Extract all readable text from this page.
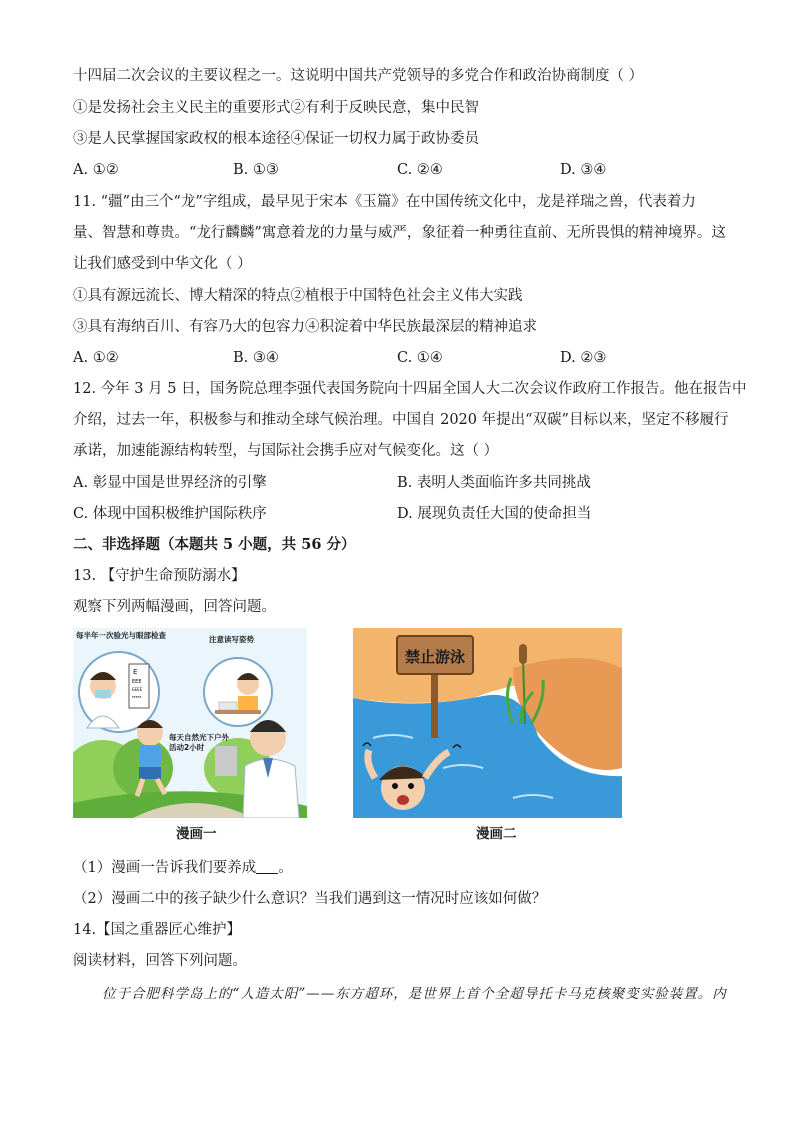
十四届二次会议的主要议程之一。这说明中国共产党领导的多党合作和政治协商制度（ ）
①是发扬社会主义民主的重要形式②有利于反映民意，集中民智
③是人民掌握国家政权的根本途径④保证一切权力属于政协委员
A. ①②	B. ①③	C. ②④	D. ③④
11. “疆”由三个“龙”字组成，最早见于宋本《玉篇》在中国传统文化中，龙是祥瑞之兽，代表着力
量、智慧和尊贵。“龙行麟麟”寓意着龙的力量与威严，象征着一种勇往直前、无所畏惧的精神境界。这
让我们感受到中华文化（ ）
①具有源远流长、博大精深的特点②植根于中国特色社会主义伟大实践
③具有海纳百川、有容乃大的包容力④积淀着中华民族最深层的精神追求
A. ①②	B. ③④	C. ①④	D. ②③
12. 今年 3 月 5 日，国务院总理李强代表国务院向十四届全国人大二次会议作政府工作报告。他在报告中
介绍，过去一年，积极参与和推动全球气候治理。中国自 2020 年提出“双碳”目标以来，坚定不移履行
承诺，加速能源结构转型，与国际社会携手应对气候变化。这（ ）
A. 彰显中国是世界经济的引擎	B. 表明人类面临许多共同挑战
C. 体现中国积极维护国际秩序	D. 展现负责任大国的使命担当
二、非选择题（本题共 5 小题，共 56 分）
13. 【守护生命预防溺水】
观察下列两幅漫画，回答问题。
E
EEE
EEEE
EEEEE
每半年一次验光与眼部检查	注意读写姿势
每天自然光下户外
活动2小时
漫画一
禁止游泳
漫画二
（1）漫画一告诉我们要养成 。
（2）漫画二中的孩子缺少什么意识？当我们遇到这一情况时应该如何做？
14.【国之重器匠心维护】
阅读材料，回答下列问题。
位于合肥科学岛上的“人造太阳”——东方超环，是世界上首个全超导托卡马克核聚变实验装置。内
